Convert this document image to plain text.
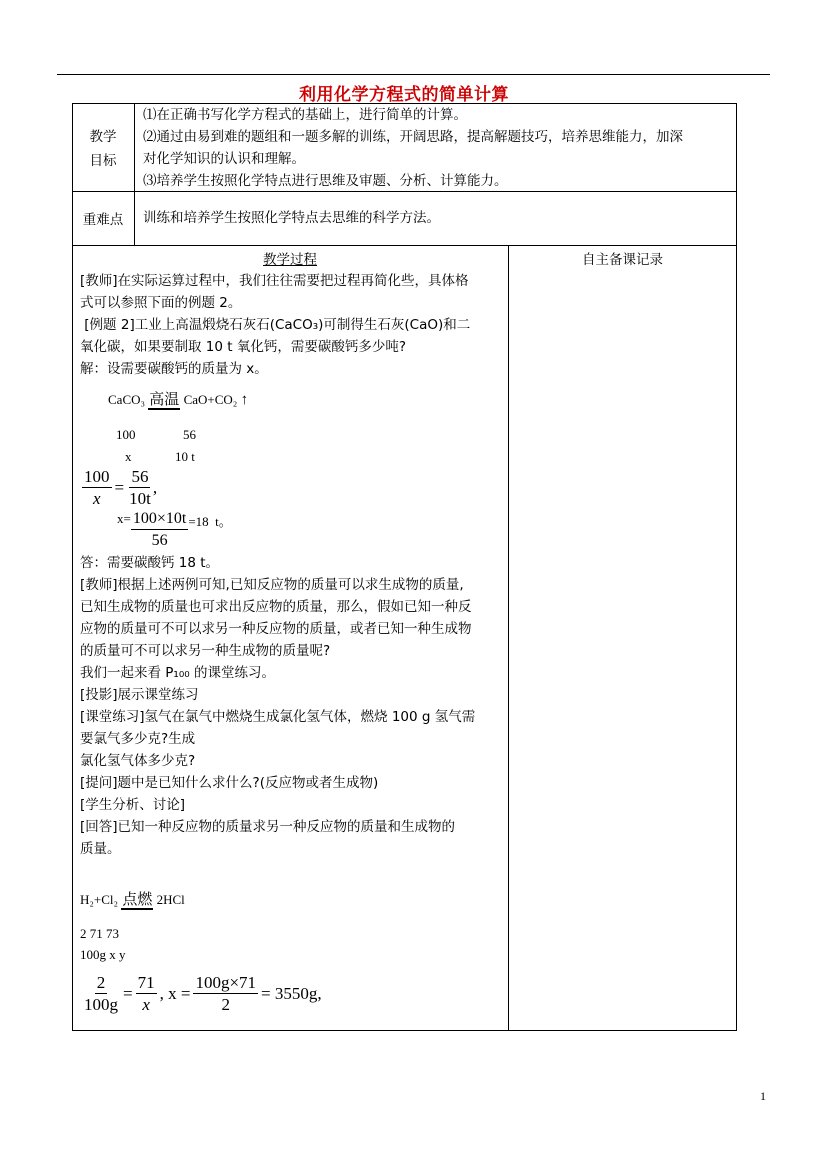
利用化学方程式的简单计算
教学
目标
⑴在正确书写化学方程式的基础上，进行简单的计算。
⑵通过由易到难的题组和一题多解的训练，开阔思路，提高解题技巧，培养思维能力，加深
对化学知识的认识和理解。
⑶培养学生按照化学特点进行思维及审题、分析、计算能力。
重难点	训练和培养学生按照化学特点去思维的科学方法。
教学过程	自主备课记录
[教师]在实际运算过程中，我们往往需要把过程再简化些，具体格
式可以参照下面的例题 2。
[例题 2]工业上高温煅烧石灰石(CaCO₃)可制得生石灰(CaO)和二
氧化碳，如果要制取 10 t 氧化钙，需要碳酸钙多少吨?
解：设需要碳酸钙的质量为 x。
CaCO₃ 高温 CaO+CO₂ ↑
100	56
x	10 t
$\frac{100}{x} = \frac{56}{10t}$ ,
$x= \frac{100\times 10t}{56} =18$  t。
答：需要碳酸钙 18 t。
[教师]根据上述两例可知,已知反应物的质量可以求生成物的质量,
已知生成物的质量也可求出反应物的质量，那么，假如已知一种反
应物的质量可不可以求另一种反应物的质量，或者已知一种生成物
的质量可不可以求另一种生成物的质量呢?
我们一起来看 P₁₀₀ 的课堂练习。
[投影]展示课堂练习
[课堂练习]氢气在氯气中燃烧生成氯化氢气体，燃烧 100 g 氢气需
要氯气多少克?生成
氯化氢气体多少克?
[提问]题中是已知什么求什么?(反应物或者生成物)
[学生分析、讨论]
[回答]已知一种反应物的质量求另一种反应物的质量和生成物的
质量。
H₂+Cl₂ 点燃 2HCl
2 71 73
100g x y
$\frac{2}{100g} = \frac{71}{x}$ , $x = \frac{100g\times 71}{2} = 3550g$,
1
